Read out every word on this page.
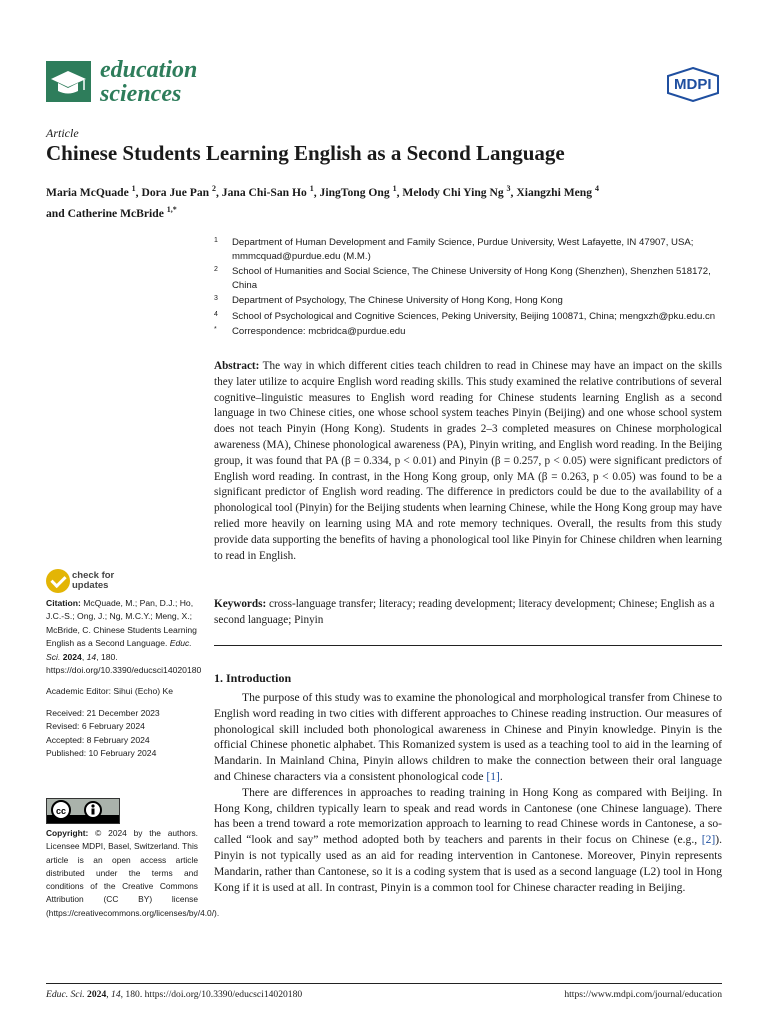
education
sciences	MDPI
Article
Chinese Students Learning English as a Second Language
Maria McQuade $^1$, Dora Jue Pan $^2$, Jana Chi-San Ho $^1$, JingTong Ong $^1$, Melody Chi Ying Ng $^3$, Xiangzhi Meng $^4$
and Catherine McBride $^{1,*}$
1 Department of Human Development and Family Science, Purdue University, West Lafayette, IN 47907, USA; mmmcquad@purdue.edu (M.M.)
2 School of Humanities and Social Science, The Chinese University of Hong Kong (Shenzhen), Shenzhen 518172, China
3 Department of Psychology, The Chinese University of Hong Kong, Hong Kong
4 School of Psychological and Cognitive Sciences, Peking University, Beijing 100871, China; mengxzh@pku.edu.cn
* Correspondence: mcbridca@purdue.edu
Abstract: The way in which different cities teach children to read in Chinese may have an impact on the skills they later utilize to acquire English word reading skills. This study examined the relative contributions of several cognitive–linguistic measures to English word reading for Chinese students learning English as a second language in two Chinese cities, one whose school system teaches Pinyin (Beijing) and one whose school system does not teach Pinyin (Hong Kong). Students in grades 2–3 completed measures on Chinese morphological awareness (MA), Chinese phonological awareness (PA), Pinyin writing, and English word reading. In the Beijing group, it was found that PA (β = 0.334, p < 0.01) and Pinyin (β = 0.257, p < 0.05) were significant predictors of English word reading. In contrast, in the Hong Kong group, only MA (β = 0.263, p < 0.05) was found to be a significant predictor of English word reading. The difference in predictors could be due to the availability of a phonological tool (Pinyin) for the Beijing students when learning Chinese, while the Hong Kong group may have relied more heavily on learning using MA and rote memory techniques. Overall, the results from this study provide data supporting the benefits of having a phonological tool like Pinyin for Chinese children when learning to read in English.
Keywords: cross-language transfer; literacy; reading development; literacy development; Chinese; English as a second language; Pinyin
1. Introduction

The purpose of this study was to examine the phonological and morphological transfer from Chinese to English word reading in two cities with different approaches to Chinese reading instruction. Our measures of phonological skill included both phonological awareness in Chinese and Pinyin knowledge. Pinyin is the official Chinese phonetic alphabet. This Romanized system is used as a teaching tool to aid in the learning of Mandarin. In Mainland China, Pinyin allows children to make the connection between their oral language and Chinese characters via a consistent phonological code [1].

There are differences in approaches to reading training in Hong Kong as compared with Beijing. In Hong Kong, children typically learn to speak and read words in Cantonese (one Chinese language). There has been a trend toward a rote memorization approach to learning to read Chinese words in Cantonese, a so-called “look and say” method adopted both by teachers and parents in their focus on Chinese (e.g., [2]). Pinyin is not typically used as an aid for reading intervention in Cantonese. Moreover, Pinyin represents Mandarin, rather than Cantonese, so it is a coding system that is used as a second language (L2) tool in Hong Kong if it is used at all. In contrast, Pinyin is a common tool for Chinese character reading in Beijing.

check for
updates
Citation: McQuade, M.; Pan, D.J.; Ho, J.C.-S.; Ong, J.; Ng, M.C.Y.; Meng, X.; McBride, C. Chinese Students Learning English as a Second Language. Educ. Sci. 2024, 14, 180. https://doi.org/10.3390/educsci14020180
Academic Editor: Sihui (Echo) Ke
Received: 21 December 2023
Revised: 6 February 2024
Accepted: 8 February 2024
Published: 10 February 2024
cc
Copyright: © 2024 by the authors. Licensee MDPI, Basel, Switzerland. This article is an open access article distributed under the terms and conditions of the Creative Commons Attribution (CC BY) license (https://creativecommons.org/licenses/by/4.0/).
Educ. Sci. 2024, 14, 180. https://doi.org/10.3390/educsci14020180	https://www.mdpi.com/journal/education
